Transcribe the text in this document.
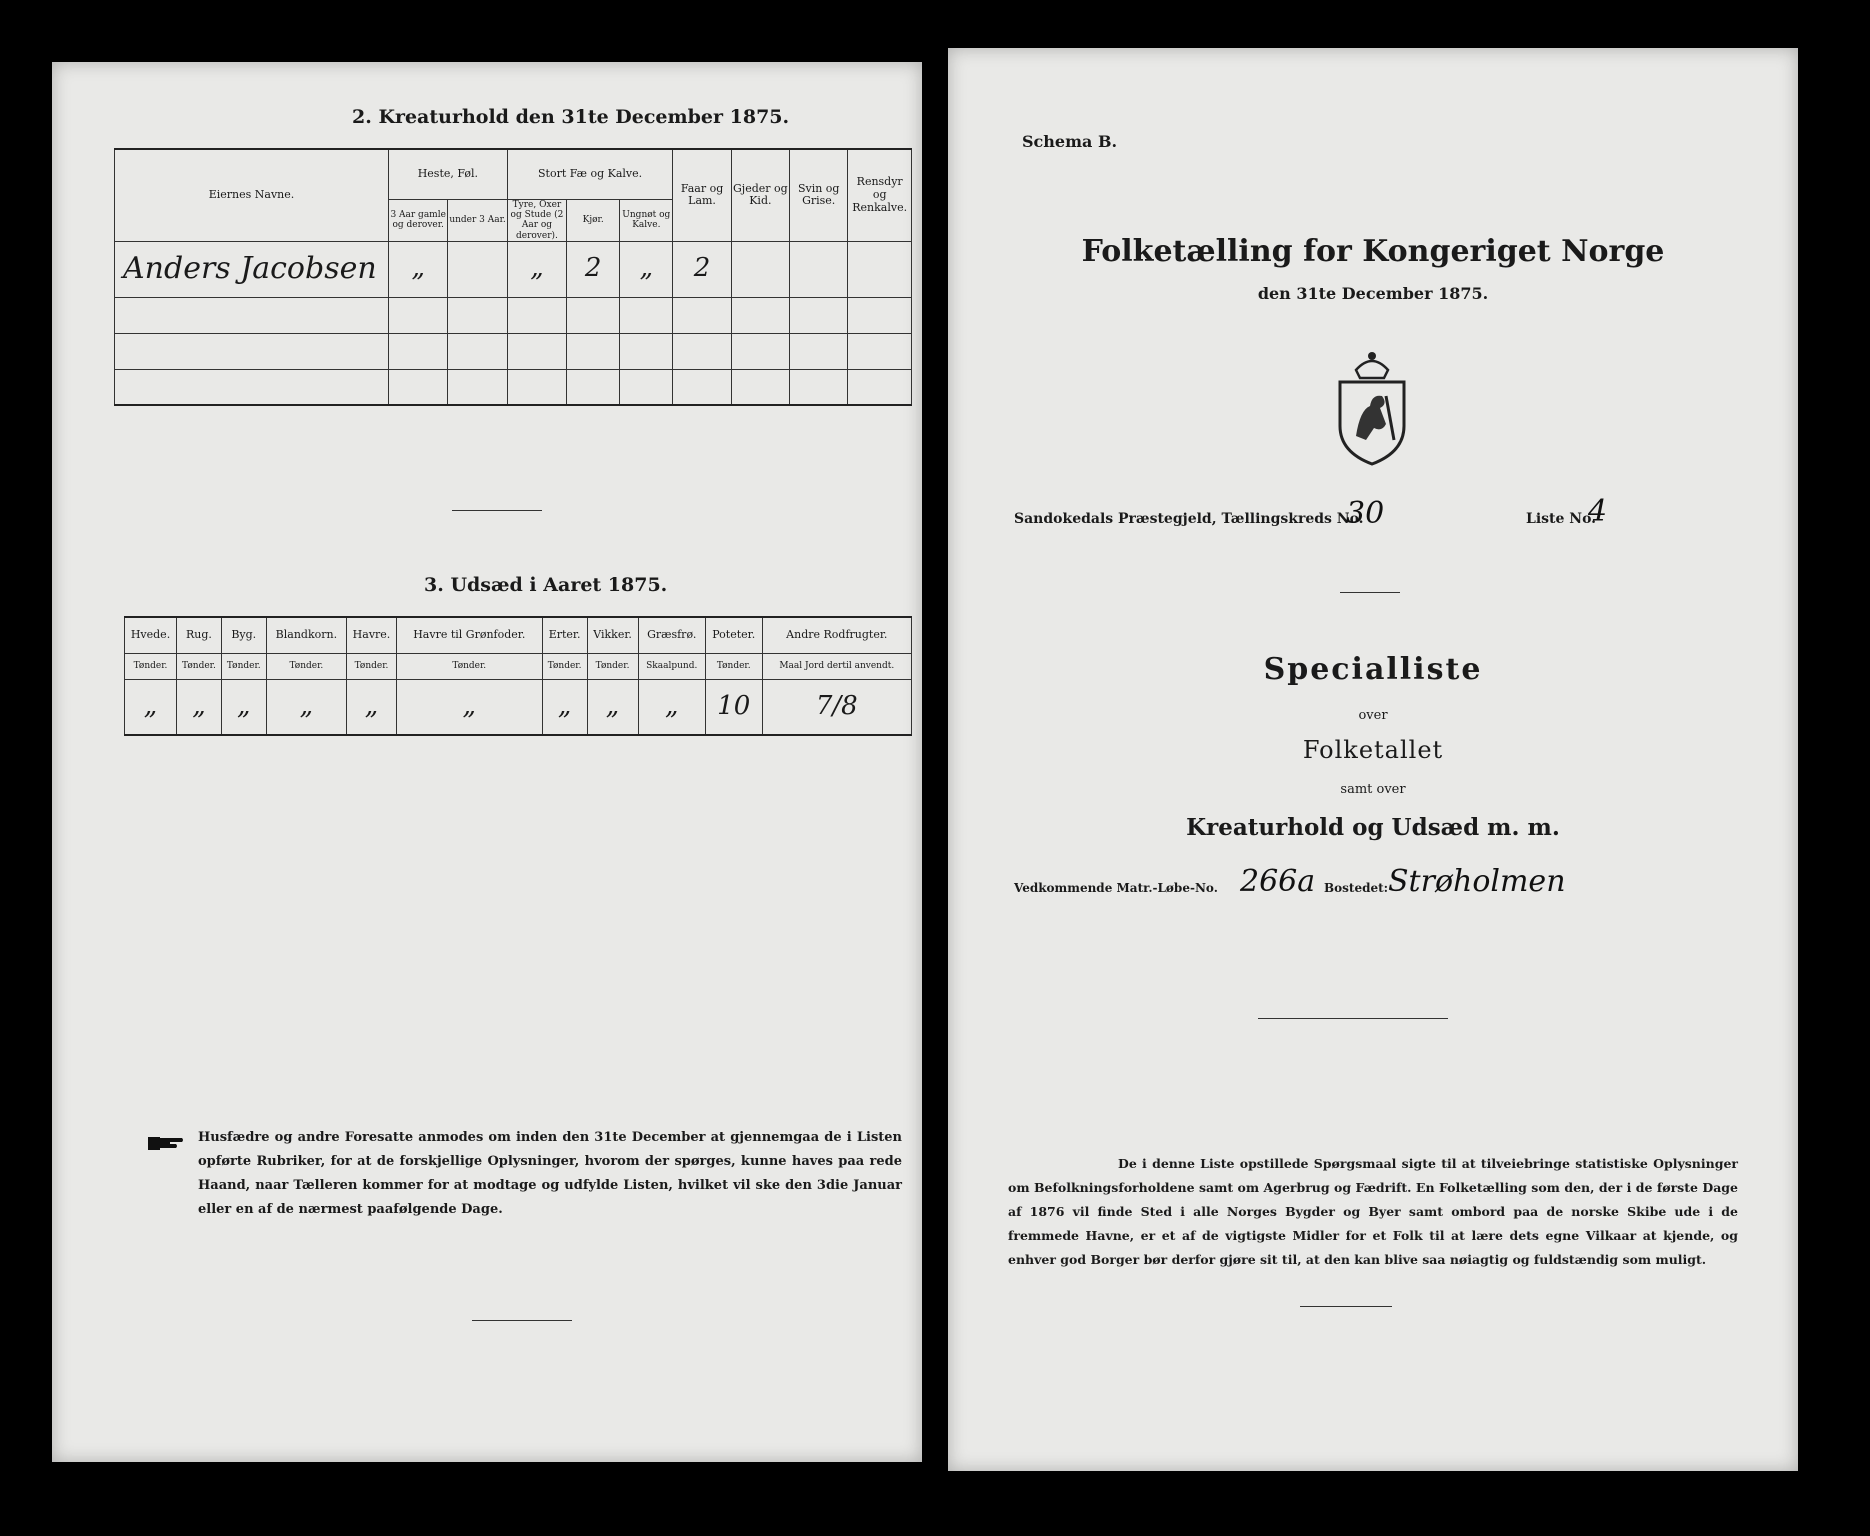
2. Kreaturhold den 31te December 1875.
Eiernes Navne.	Heste, Føl.		Stort Fæ og Kalve.			Faar og Lam.	Gjeder og Kid.	Svin og Grise.	Rensdyr og Renkalve.
	3 Aar gamle og derover.	under 3 Aar.	Tyre, Oxer og Stude (2 Aar og derover).	Kjør.	Ungnøt og Kalve.				
Anders Jacobsen	„		„	2	„	2			

3. Udsæd i Aaret 1875.
Hvede.	Rug.	Byg.	Blandkorn.	Havre.	Havre til Grønfoder.	Erter.	Vikker.	Græsfrø.	Poteter.	Andre Rodfrugter.
Tønder.	Tønder.	Tønder.	Tønder.	Tønder.	Tønder.	Tønder.	Tønder.	Skaalpund.	Tønder.	Maal Jord dertil anvendt.
„	„	„	„	„	„	„	„	„	10	7/8
Husfædre og andre Foresatte anmodes om inden den 31te December at gjennemgaa de i Listen opførte Rubriker, for at de forskjellige Oplysninger, hvorom der spørges, kunne haves paa rede Haand, naar Tælleren kommer for at modtage og udfylde Listen, hvilket vil ske den 3die Januar eller en af de nærmest paafølgende Dage.
Schema B.
Folketælling for Kongeriget Norge
den 31te December 1875.
Sandokedals Præstegjeld, Tællingskreds No.
30	Liste No.
4
Specialliste
over
Folketallet
samt over
Kreaturhold og Udsæd m. m.
Vedkommende Matr.-Løbe-No. 266a Bostedet: Strøholmen
De i denne Liste opstillede Spørgsmaal sigte til at tilveiebringe statistiske Oplysninger om Befolkningsforholdene samt om Agerbrug og Fædrift. En Folketælling som den, der i de første Dage af 1876 vil finde Sted i alle Norges Bygder og Byer samt ombord paa de norske Skibe ude i de fremmede Havne, er et af de vigtigste Midler for et Folk til at lære dets egne Vilkaar at kjende, og enhver god Borger bør derfor gjøre sit til, at den kan blive saa nøiagtig og fuldstændig som muligt.
